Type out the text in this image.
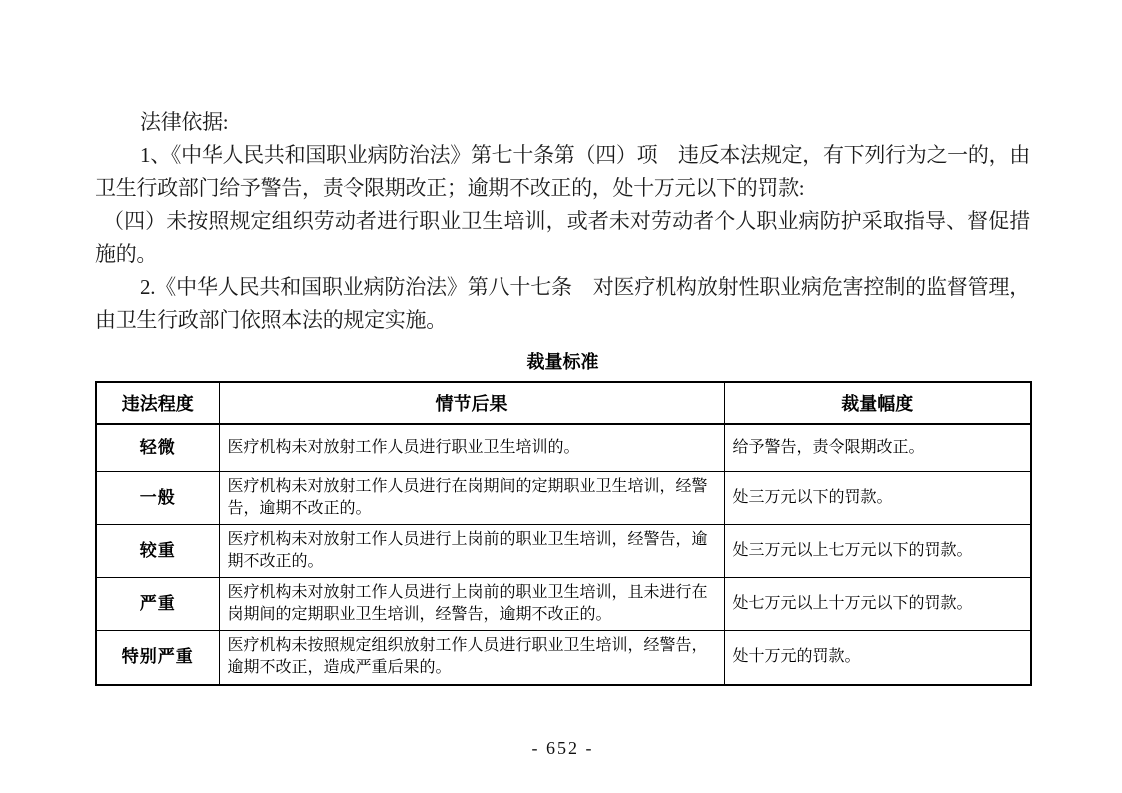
法律依据:

1、《中华人民共和国职业病防治法》第七十条第（四）项　违反本法规定，有下列行为之一的，由卫生行政部门给予警告，责令限期改正；逾期不改正的，处十万元以下的罚款:

（四）未按照规定组织劳动者进行职业卫生培训，或者未对劳动者个人职业病防护采取指导、督促措施的。

2.《中华人民共和国职业病防治法》第八十七条　对医疗机构放射性职业病危害控制的监督管理，由卫生行政部门依照本法的规定实施。

裁量标准
违法程度	情节后果	裁量幅度
轻微	医疗机构未对放射工作人员进行职业卫生培训的。	给予警告，责令限期改正。
一般	医疗机构未对放射工作人员进行在岗期间的定期职业卫生培训，经警告，逾期不改正的。	处三万元以下的罚款。
较重	医疗机构未对放射工作人员进行上岗前的职业卫生培训，经警告，逾期不改正的。	处三万元以上七万元以下的罚款。
严重	医疗机构未对放射工作人员进行上岗前的职业卫生培训，且未进行在岗期间的定期职业卫生培训，经警告，逾期不改正的。	处七万元以上十万元以下的罚款。
特别严重	医疗机构未按照规定组织放射工作人员进行职业卫生培训，经警告，逾期不改正，造成严重后果的。	处十万元的罚款。
- 652 -
